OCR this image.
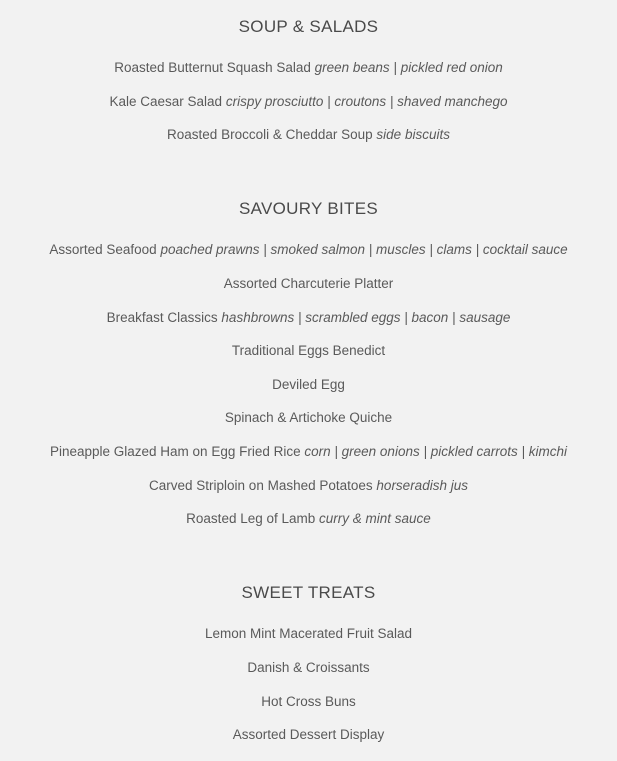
SOUP & SALADS
Roasted Butternut Squash Salad green beans | pickled red onion
Kale Caesar Salad crispy prosciutto | croutons | shaved manchego
Roasted Broccoli & Cheddar Soup side biscuits
SAVOURY BITES
Assorted Seafood poached prawns | smoked salmon | muscles | clams | cocktail sauce
Assorted Charcuterie Platter
Breakfast Classics hashbrowns | scrambled eggs | bacon | sausage
Traditional Eggs Benedict
Deviled Egg
Spinach & Artichoke Quiche
Pineapple Glazed Ham on Egg Fried Rice corn | green onions | pickled carrots | kimchi
Carved Striploin on Mashed Potatoes horseradish jus
Roasted Leg of Lamb curry & mint sauce
SWEET TREATS
Lemon Mint Macerated Fruit Salad
Danish & Croissants
Hot Cross Buns
Assorted Dessert Display
